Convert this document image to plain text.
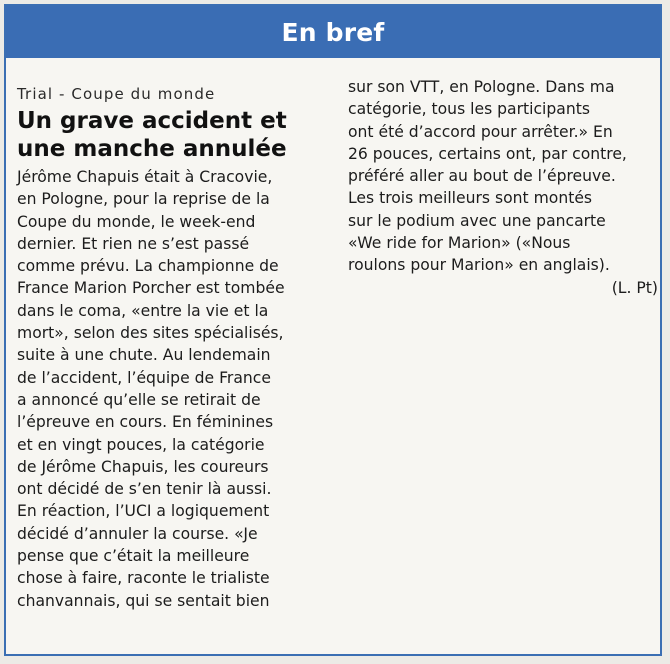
En bref
Trial - Coupe du monde
Un grave accident et
une manche annulée
Jérôme Chapuis était à Cracovie,
en Pologne, pour la reprise de la
Coupe du monde, le week-end
dernier. Et rien ne s’est passé
comme prévu. La championne de
France Marion Porcher est tombée
dans le coma, «entre la vie et la
mort», selon des sites spécialisés,
suite à une chute. Au lendemain
de l’accident, l’équipe de France
a annoncé qu’elle se retirait de
l’épreuve en cours. En féminines
et en vingt pouces, la catégorie
de Jérôme Chapuis, les coureurs
ont décidé de s’en tenir là aussi.
En réaction, l’UCI a logiquement
décidé d’annuler la course. «Je
pense que c’était la meilleure
chose à faire, raconte le trialiste
chanvannais, qui se sentait bien
sur son VTT, en Pologne. Dans ma
catégorie, tous les participants
ont été d’accord pour arrêter.» En
26 pouces, certains ont, par contre,
préféré aller au bout de l’épreuve.
Les trois meilleurs sont montés
sur le podium avec une pancarte
«We ride for Marion» («Nous
roulons pour Marion» en anglais).
(L. Pt)
